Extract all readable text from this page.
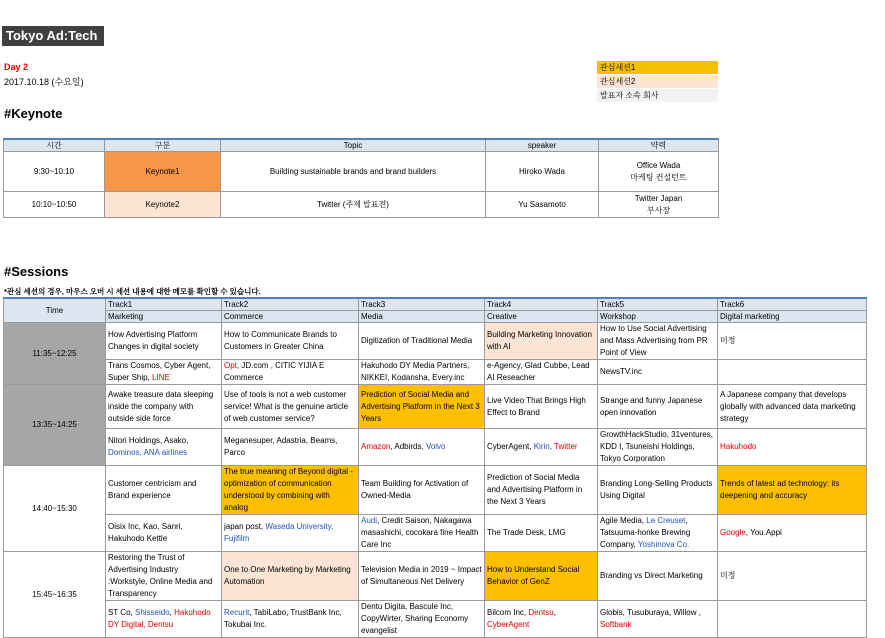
Tokyo Ad:Tech
Day 2
2017.10.18 (수요일)
관심세션1
관심세션2
발표자 소속 회사
#Keynote
시간	구분	Topic	speaker	약력
9:30~10:10	Keynote1	Building sustainable brands and brand builders	Hiroko Wada	Office Wada
마케팅 컨설턴트
10:10~10:50	Keynote2	Twitter (주제 발표전)	Yu Sasamoto	Twitter Japan
부사장
#Sessions
*관심 세션의 경우, 마우스 오버 시 세션 내용에 대한 메모를 확인할 수 있습니다.
Time	Track1	Track2	Track3	Track4	Track5	Track6
	Marketing	Commerce	Media	Creative	Workshop	Digital marketing
11:35~12:25	How Advertising Platform Changes in digital society	How to Communicate Brands to Customers in Greater China	Digitization of Traditional Media	Building Marketing Innovation with AI	How to Use Social Advertising and Mass Advertising from PR Point of View	미정
	Trans Cosmos, Cyber Agent, Super Ship, LINE	Opt, JD.com , CITIC YIJIA E Commerce	Hakuhodo DY Media Partners, NIKKEI, Kodansha, Every.inc	e-Agency, Glad Cubbe, Lead AI Reseacher	NewsTV.inc	
13:35~14:25	Awake treasure data sleeping inside the company with outside side force	Use of tools is not a web customer service! What is the genuine article of web customer service?	Prediction of Social Media and Advertising Platform in the Next 3 Years	Live Video That Brings High Effect to Brand	Strange and funny Japanese open innovation	A Japanese company that develops globally with advanced data marketing strategy
	Nitori Holdings, Asako, Dominos, ANA airlines	Meganesuper, Adastria, Beams, Parco	Amazon, Adbirds, Volvo	CyberAgent, Kirin, Twitter	GrowthHackStudio, 31ventures, KDD I, Tsuneishi Holdings, Tokyo Corporation	Hakuhodo
14:40~15:30	Customer centricism and Brand experience	The true meaning of Beyond digital - optimization of communication understood by combining with analog	Team Building for Activation of Owned-Media	Prediction of Social Media and Advertising Platform in the Next 3 Years	Branding Long-Selling Products Using Digital	Trends of latest ad technology: its deepening and accuracy
	Oisix Inc, Kao, Sanri, Hakuhodo Kettle	japan post, Waseda University, Fujifilm	Audi, Credit Saison, Nakagawa masashichi, cocokara fine Health Care Inc	The Trade Desk, LMG	Agile Media, Le Creuset, Tatsuuma-honke Brewing Company, Yoshinova Co.	Google, You.Appi
15:45~16:35	Restoring the Trust of Advertising Industry :Workstyle, Online Media and Transparency	One to One Marketing by Marketing Automation	Television Media in 2019 ~ Impact of Simultaneous Net Delivery	How to Understand Social Behavior of GenZ	Branding vs Direct Marketing	미정
	ST Co, Shisseido, Hakuhodo DY Digital, Dentsu	Recurit, TabiLabo, TrustBank Inc, Tokubai Inc.	Dentu Digita, Bascule Inc, CopyWirter, Sharing Economy evangelist	Bilcom Inc, Dentsu, CyberAgent	Globis, Tusuburaya, Willow , Softbank	
